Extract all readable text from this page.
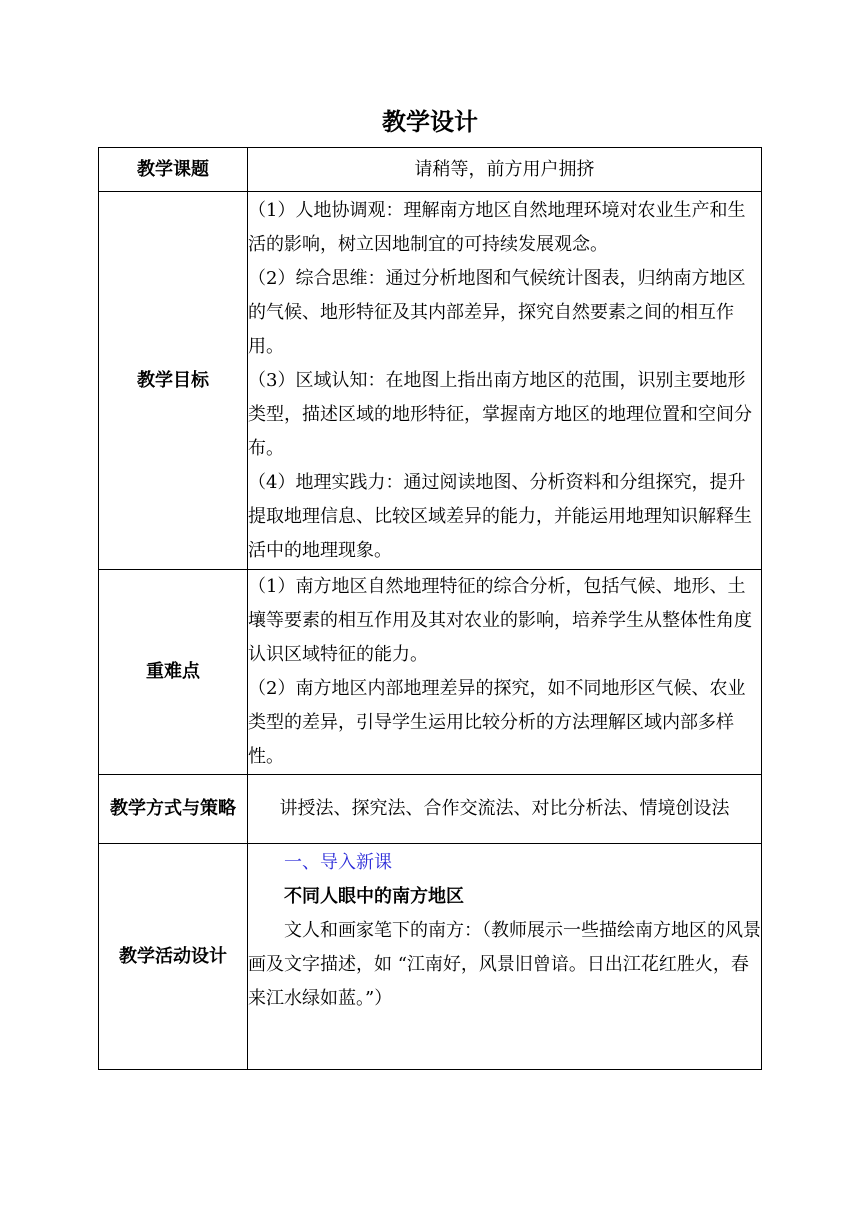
教学设计
教学课题	请稍等，前方用户拥挤
教学目标	（1）人地协调观：理解南方地区自然地理环境对农业生产和生活的影响，树立因地制宜的可持续发展观念。

（2）综合思维：通过分析地图和气候统计图表，归纳南方地区的气候、地形特征及其内部差异，探究自然要素之间的相互作用。

（3）区域认知：在地图上指出南方地区的范围，识别主要地形类型，描述区域的地形特征，掌握南方地区的地理位置和空间分布。

（4）地理实践力：通过阅读地图、分析资料和分组探究，提升提取地理信息、比较区域差异的能力，并能运用地理知识解释生活中的地理现象。

重难点	（1）南方地区自然地理特征的综合分析，包括气候、地形、土壤等要素的相互作用及其对农业的影响，培养学生从整体性角度认识区域特征的能力。

（2）南方地区内部地理差异的探究，如不同地形区气候、农业类型的差异，引导学生运用比较分析的方法理解区域内部多样性。

教学方式与策略	讲授法、探究法、合作交流法、对比分析法、情境创设法
教学活动设计	一、导入新课

不同人眼中的南方地区

文人和画家笔下的南方：（教师展示一些描绘南方地区的风景画及文字描述，如 “江南好，风景旧曾谙。日出江花红胜火，春来江水绿如蓝。”）
